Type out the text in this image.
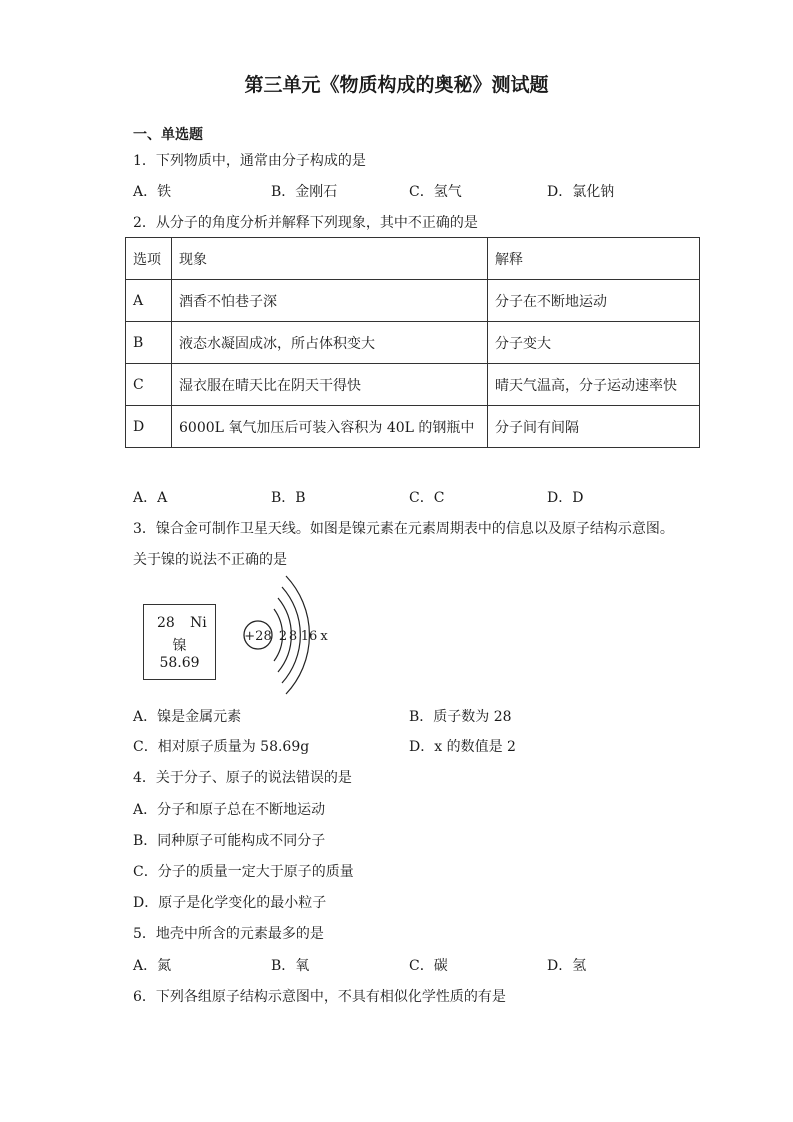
第三单元《物质构成的奥秘》测试题
一、单选题
1．下列物质中，通常由分子构成的是
A．铁	B．金刚石	C．氢气	D．氯化钠
2．从分子的角度分析并解释下列现象，其中不正确的是
选项	现象	解释
A	酒香不怕巷子深	分子在不断地运动
B	液态水凝固成冰，所占体积变大	分子变大
C	湿衣服在晴天比在阴天干得快	晴天气温高，分子运动速率快
D	6000L 氧气加压后可装入容积为 40L 的钢瓶中	分子间有间隔
A．A	B．B	C．C	D．D
3．镍合金可制作卫星天线。如图是镍元素在元素周期表中的信息以及原子结构示意图。
关于镍的说法不正确的是
28 Ni
镍
58.69
+28 2 8 16 x
A．镍是金属元素	B．质子数为 28
C．相对原子质量为 58.69g	D．x 的数值是 2
4．关于分子、原子的说法错误的是
A．分子和原子总在不断地运动
B．同种原子可能构成不同分子
C．分子的质量一定大于原子的质量
D．原子是化学变化的最小粒子
5．地壳中所含的元素最多的是
A．氮	B．氧	C．碳	D．氢
6．下列各组原子结构示意图中，不具有相似化学性质的有是
